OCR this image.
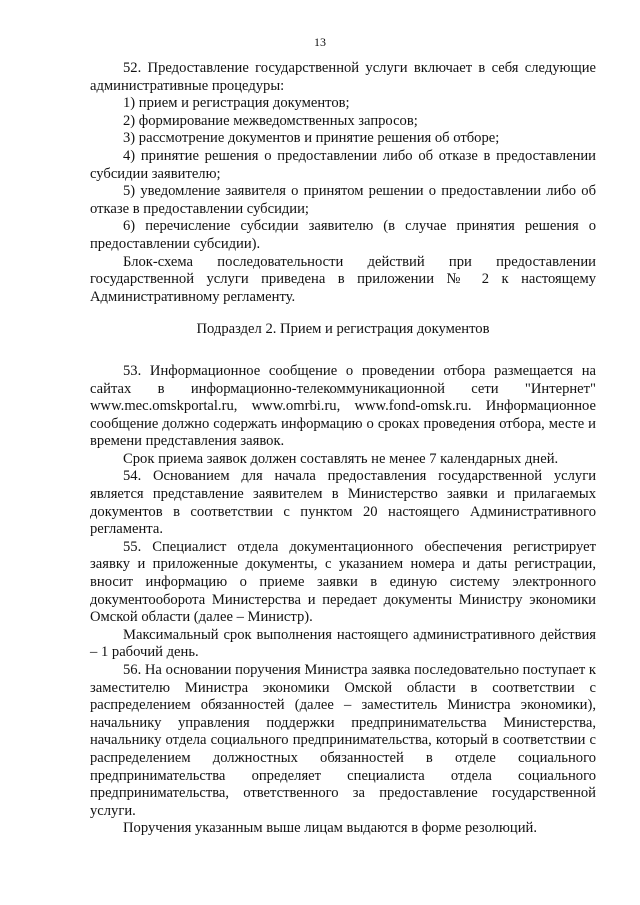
13

52. Предоставление государственной услуги включает в себя следующие административные процедуры:

1) прием и регистрация документов;

2) формирование межведомственных запросов;

3) рассмотрение документов и принятие решения об отборе;

4) принятие решения о предоставлении либо об отказе в предоставлении субсидии заявителю;

5) уведомление заявителя о принятом решении о предоставлении либо об отказе в предоставлении субсидии;

6) перечисление субсидии заявителю (в случае принятия решения о предоставлении субсидии).

Блок-схема последовательности действий при предоставлении государственной услуги приведена в приложении № 2 к настоящему Административному регламенту.

Подраздел 2. Прием и регистрация документов

53. Информационное сообщение о проведении отбора размещается на сайтах в информационно-телекоммуникационной сети "Интернет" www.mec.omskportal.ru, www.omrbi.ru, www.fond-omsk.ru. Информационное сообщение должно содержать информацию о сроках проведения отбора, месте и времени представления заявок.

Срок приема заявок должен составлять не менее 7 календарных дней.

54. Основанием для начала предоставления государственной услуги является представление заявителем в Министерство заявки и прилагаемых документов в соответствии с пунктом 20 настоящего Административного регламента.

55. Специалист отдела документационного обеспечения регистрирует заявку и приложенные документы, с указанием номера и даты регистрации, вносит информацию о приеме заявки в единую систему электронного документооборота Министерства и передает документы Министру экономики Омской области (далее – Министр).

Максимальный срок выполнения настоящего административного действия – 1 рабочий день.

56. На основании поручения Министра заявка последовательно поступает к заместителю Министра экономики Омской области в соответствии с распределением обязанностей (далее – заместитель Министра экономики), начальнику управления поддержки предпринимательства Министерства, начальнику отдела социального предпринимательства, который в соответствии с распределением должностных обязанностей в отделе социального предпринимательства определяет специалиста отдела социального предпринимательства, ответственного за предоставление государственной услуги.

Поручения указанным выше лицам выдаются в форме резолюций.
